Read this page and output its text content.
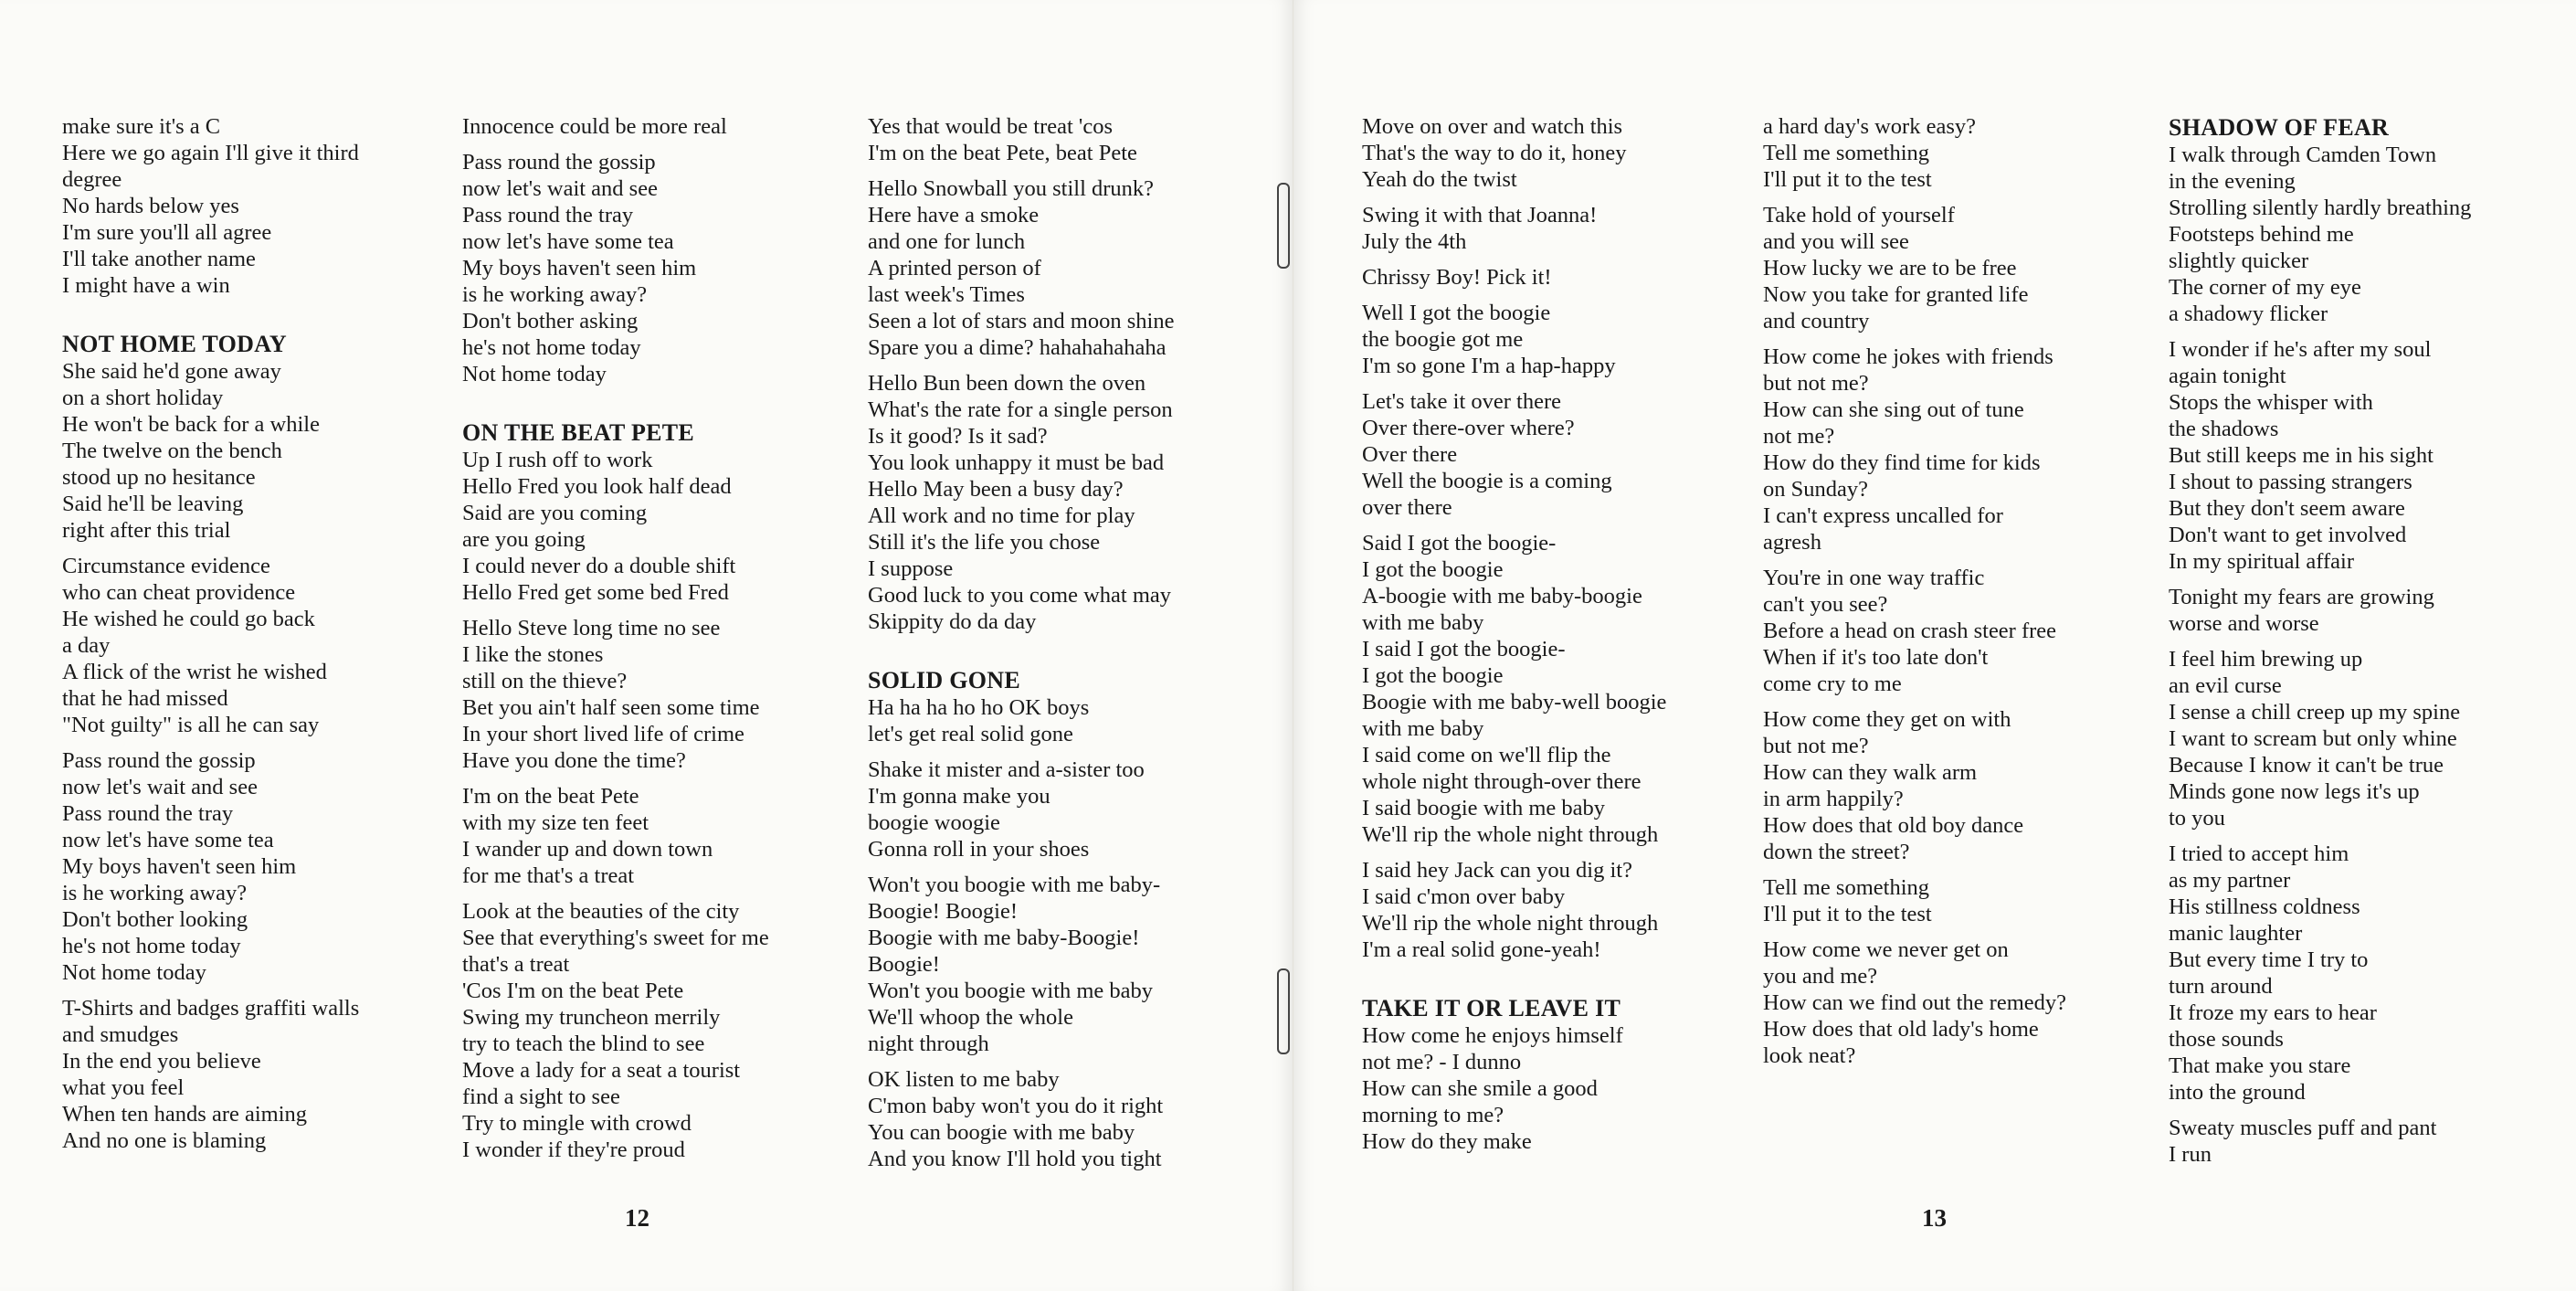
make sure it's a C
Here we go again I'll give it third
degree
No hards below yes
I'm sure you'll all agree
I'll take another name
I might have a win
NOT HOME TODAY
She said he'd gone away
on a short holiday
He won't be back for a while
The twelve on the bench
stood up no hesitance
Said he'll be leaving
right after this trial
Circumstance evidence
who can cheat providence
He wished he could go back
a day
A flick of the wrist he wished
that he had missed
"Not guilty" is all he can say
Pass round the gossip
now let's wait and see
Pass round the tray
now let's have some tea
My boys haven't seen him
is he working away?
Don't bother looking
he's not home today
Not home today
T-Shirts and badges graffiti walls
and smudges
In the end you believe
what you feel
When ten hands are aiming
And no one is blaming
Innocence could be more real
Pass round the gossip
now let's wait and see
Pass round the tray
now let's have some tea
My boys haven't seen him
is he working away?
Don't bother asking
he's not home today
Not home today
ON THE BEAT PETE
Up I rush off to work
Hello Fred you look half dead
Said are you coming
are you going
I could never do a double shift
Hello Fred get some bed Fred
Hello Steve long time no see
I like the stones
still on the thieve?
Bet you ain't half seen some time
In your short lived life of crime
Have you done the time?
I'm on the beat Pete
with my size ten feet
I wander up and down town
for me that's a treat
Look at the beauties of the city
See that everything's sweet for me
that's a treat
'Cos I'm on the beat Pete
Swing my truncheon merrily
try to teach the blind to see
Move a lady for a seat a tourist
find a sight to see
Try to mingle with crowd
I wonder if they're proud
Yes that would be treat 'cos
I'm on the beat Pete, beat Pete
Hello Snowball you still drunk?
Here have a smoke
and one for lunch
A printed person of
last week's Times
Seen a lot of stars and moon shine
Spare you a dime? hahahahahaha
Hello Bun been down the oven
What's the rate for a single person
Is it good? Is it sad?
You look unhappy it must be bad
Hello May been a busy day?
All work and no time for play
Still it's the life you chose
I suppose
Good luck to you come what may
Skippity do da day
SOLID GONE
Ha ha ha ho ho OK boys
let's get real solid gone
Shake it mister and a-sister too
I'm gonna make you
boogie woogie
Gonna roll in your shoes
Won't you boogie with me baby-
Boogie! Boogie!
Boogie with me baby-Boogie!
Boogie!
Won't you boogie with me baby
We'll whoop the whole
night through
OK listen to me baby
C'mon baby won't you do it right
You can boogie with me baby
And you know I'll hold you tight
12
Move on over and watch this
That's the way to do it, honey
Yeah do the twist
Swing it with that Joanna!
July the 4th
Chrissy Boy! Pick it!
Well I got the boogie
the boogie got me
I'm so gone I'm a hap-happy
Let's take it over there
Over there-over where?
Over there
Well the boogie is a coming
over there
Said I got the boogie-
I got the boogie
A-boogie with me baby-boogie
with me baby
I said I got the boogie-
I got the boogie
Boogie with me baby-well boogie
with me baby
I said come on we'll flip the
whole night through-over there
I said boogie with me baby
We'll rip the whole night through
I said hey Jack can you dig it?
I said c'mon over baby
We'll rip the whole night through
I'm a real solid gone-yeah!
TAKE IT OR LEAVE IT
How come he enjoys himself
not me? - I dunno
How can she smile a good
morning to me?
How do they make
a hard day's work easy?
Tell me something
I'll put it to the test
Take hold of yourself
and you will see
How lucky we are to be free
Now you take for granted life
and country
How come he jokes with friends
but not me?
How can she sing out of tune
not me?
How do they find time for kids
on Sunday?
I can't express uncalled for
agresh
You're in one way traffic
can't you see?
Before a head on crash steer free
When if it's too late don't
come cry to me
How come they get on with
but not me?
How can they walk arm
in arm happily?
How does that old boy dance
down the street?
Tell me something
I'll put it to the test
How come we never get on
you and me?
How can we find out the remedy?
How does that old lady's home
look neat?
SHADOW OF FEAR
I walk through Camden Town
in the evening
Strolling silently hardly breathing
Footsteps behind me
slightly quicker
The corner of my eye
a shadowy flicker
I wonder if he's after my soul
again tonight
Stops the whisper with
the shadows
But still keeps me in his sight
I shout to passing strangers
But they don't seem aware
Don't want to get involved
In my spiritual affair
Tonight my fears are growing
worse and worse
I feel him brewing up
an evil curse
I sense a chill creep up my spine
I want to scream but only whine
Because I know it can't be true
Minds gone now legs it's up
to you
I tried to accept him
as my partner
His stillness coldness
manic laughter
But every time I try to
turn around
It froze my ears to hear
those sounds
That make you stare
into the ground
Sweaty muscles puff and pant
I run
13
